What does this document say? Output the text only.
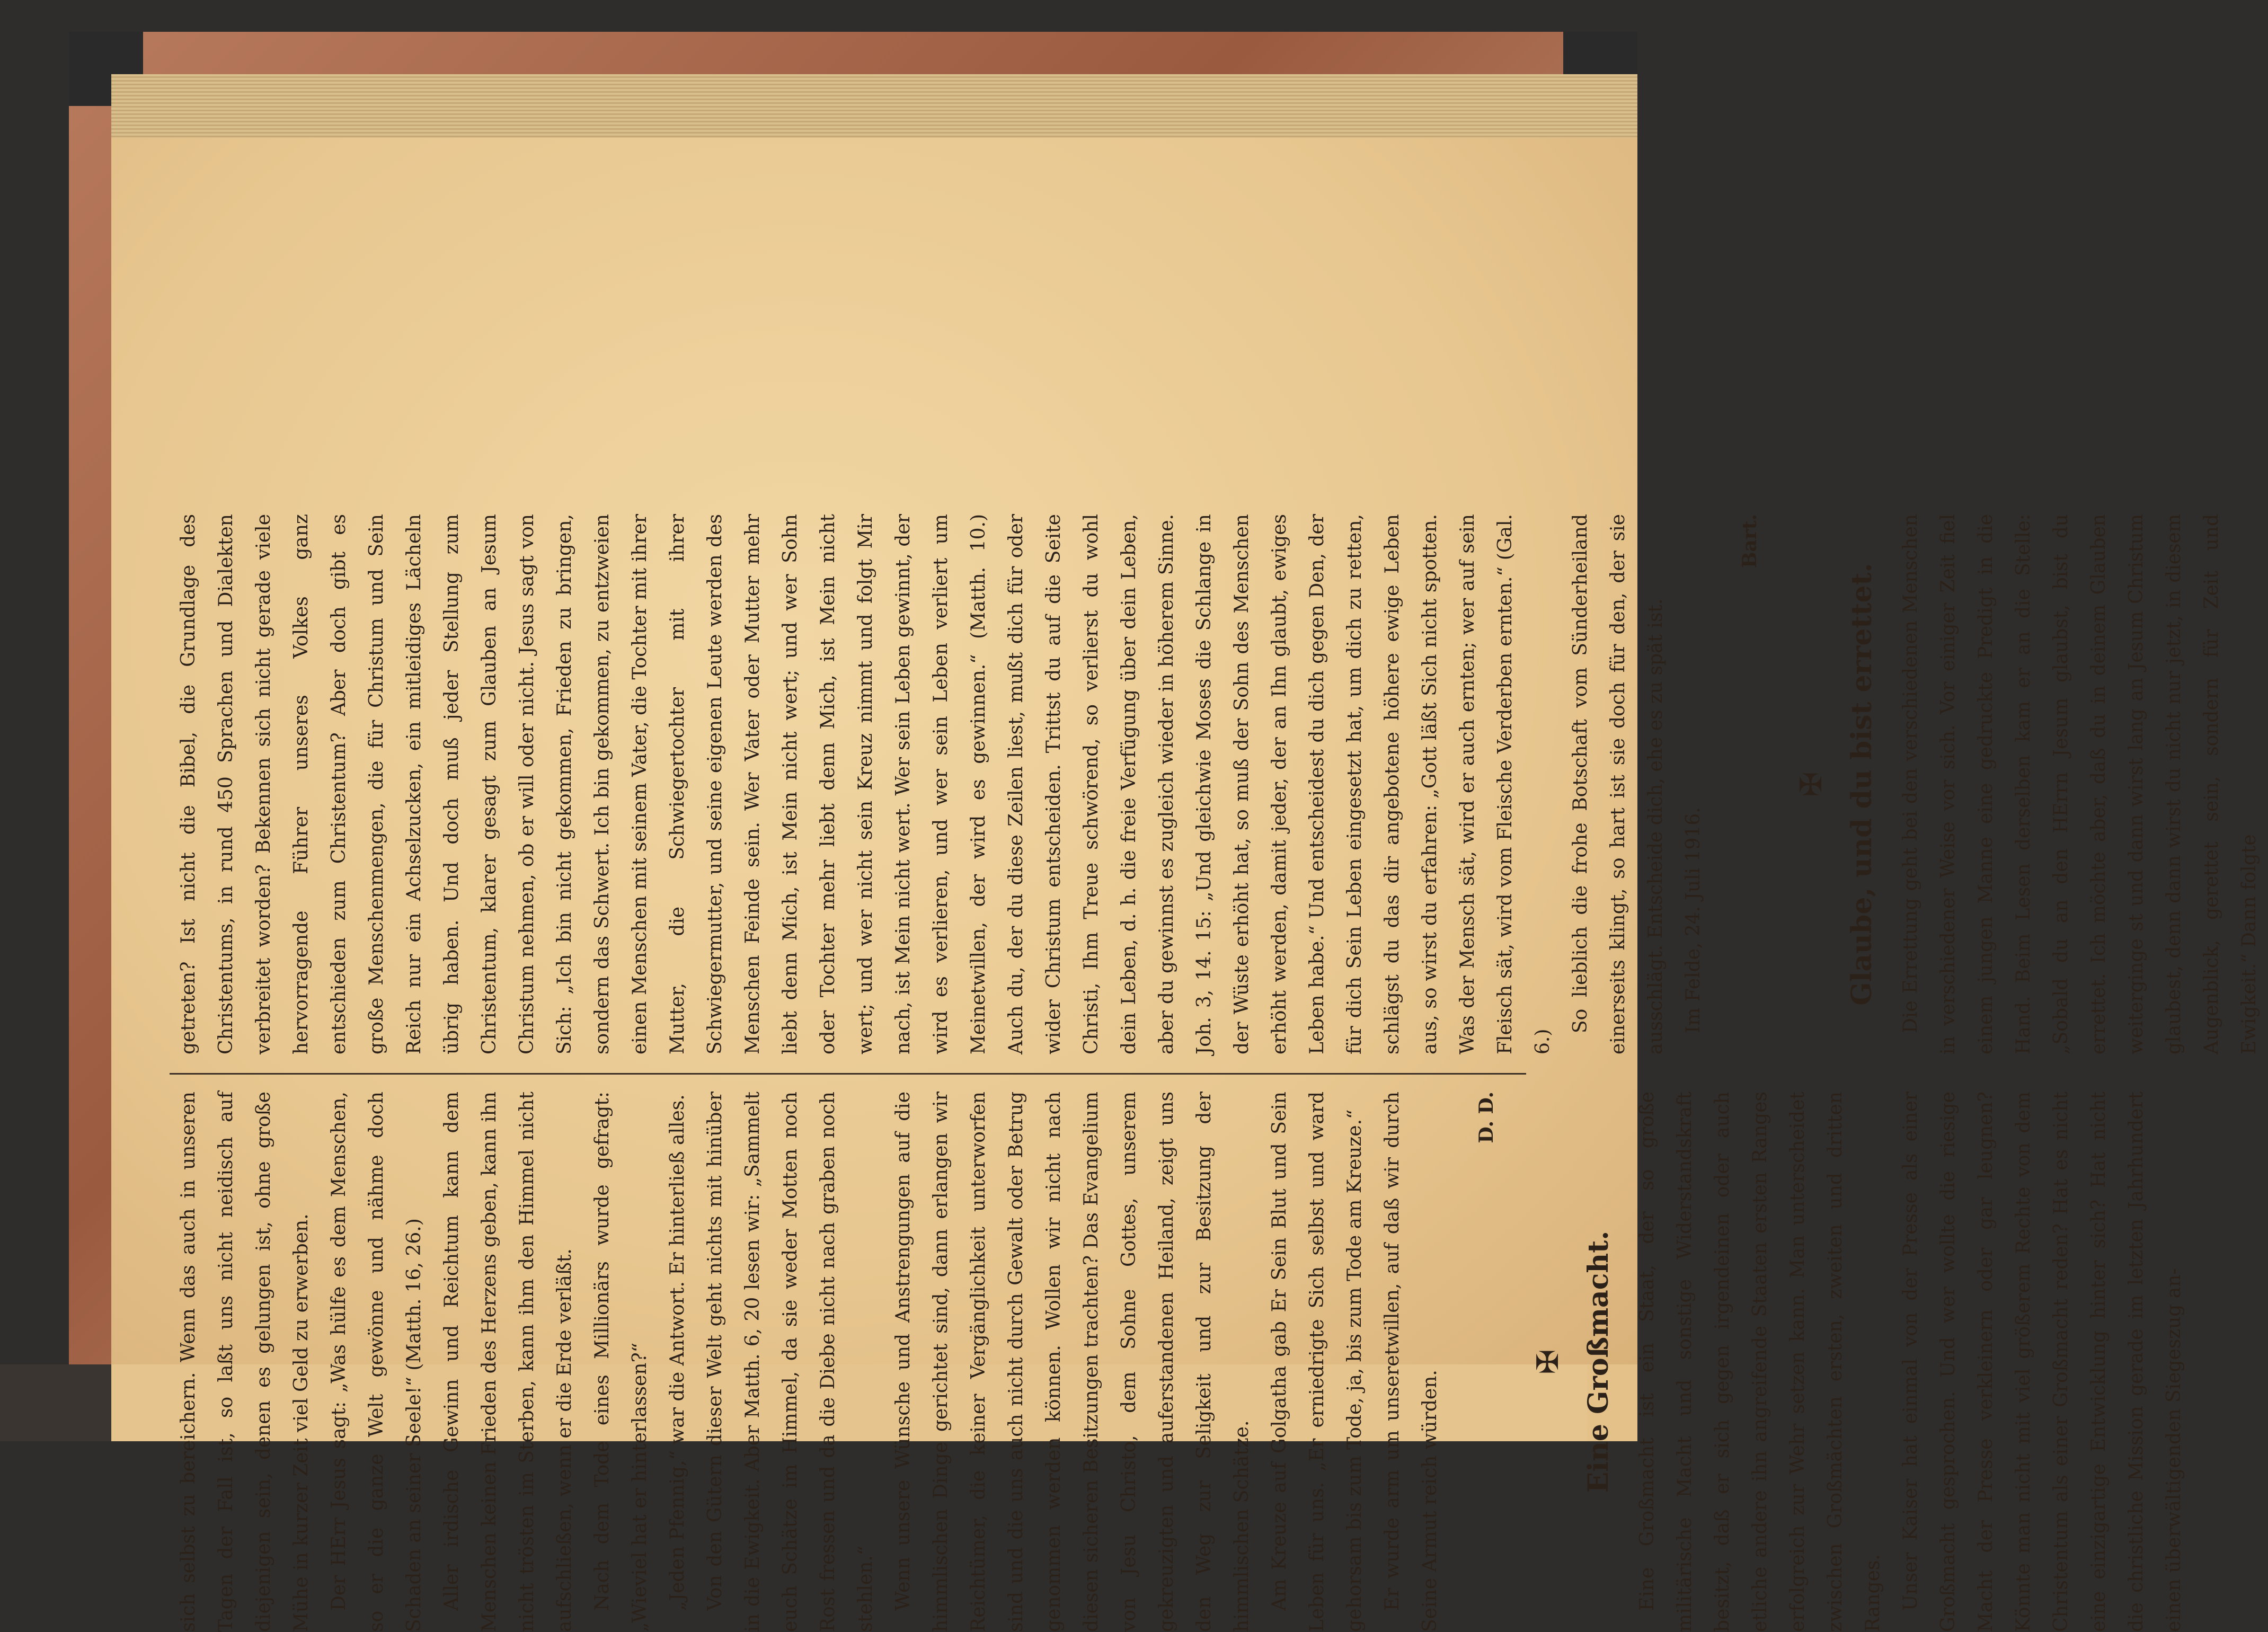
sich selbst zu bereichern. Wenn das auch in unseren Tagen der Fall ist, so laßt uns nicht neidisch auf diejenigen sein, denen es gelungen ist, ohne große Mühe in kurzer Zeit viel Geld zu erwerben. Der HErr Jesus sagt: „Was hülfe es dem Menschen, so er die ganze Welt gewönne und nähme doch Schaden an seiner Seele!“ (Matth. 16, 26.) Aller irdische Gewinn und Reichtum kann dem Menschen keinen Frieden des Herzens geben, kann ihn nicht trösten im Sterben, kann ihm den Himmel nicht aufschließen, wenn er die Erde verläßt. Nach dem Tode eines Millionärs wurde gefragt: „Wieviel hat er hinterlassen?“ „Jeden Pfennig,“ war die Antwort. Er hinterließ alles. Von den Gütern dieser Welt geht nichts mit hinüber in die Ewigkeit. Aber Matth. 6, 20 lesen wir: „Sammelt euch Schätze im Himmel, da sie weder Motten noch Rost fressen und da die Diebe nicht nach graben noch stehlen.“ Wenn unsere Wünsche und Anstrengungen auf die himmlischen Dinge gerichtet sind, dann erlangen wir Reichtümer, die keiner Vergänglichkeit unterworfen sind und die uns auch nicht durch Gewalt oder Betrug genommen werden können. Wollen wir nicht nach diesen sicheren Besitzungen trachten? Das Evangelium von Jesu Christo, dem Sohne Gottes, unserem gekreuzigten und auferstandenen Heiland, zeigt uns den Weg zur Seligkeit und zur Besitzung der himmlischen Schätze. Am Kreuze auf Golgatha gab Er Sein Blut und Sein Leben für uns. „Er erniedrigte Sich selbst und ward gehorsam bis zum Tode, ja, bis zum Tode am Kreuze.“ Er wurde arm um unseretwillen, auf daß wir durch Seine Armut reich würden.

D. D.

✠ Eine Großmacht.	Eine Großmacht ist ein Staat, der so große militärische Macht und sonstige Widerstandskraft besitzt, daß er sich gegen irgendeinen oder auch etliche andere ihn angreifende Staaten ersten Ranges erfolgreich zur Wehr setzen kann. Man unterscheidet zwischen Großmächten ersten, zweiten und dritten Ranges. Unser Kaiser hat einmal von der Presse als einer Großmacht gesprochen. Und wer wollte die riesige Macht der Presse verkleinern oder gar leugnen? Könnte man nicht mit viel größerem Rechte von dem Christentum als einer Großmacht reden? Hat es nicht eine einzigartige Entwicklung hinter sich? Hat nicht die christliche Mission gerade im letzten Jahrhundert einen überwältigenden Siegeszug an-

getreten? Ist nicht die Bibel, die Grundlage des Christentums, in rund 450 Sprachen und Dialekten verbreitet worden? Bekennen sich nicht gerade viele hervorragende Führer unseres Volkes ganz entschieden zum Christentum? Aber doch gibt es große Menschenmengen, die für Christum und Sein Reich nur ein Achselzucken, ein mitleidiges Lächeln übrig haben. Und doch muß jeder Stellung zum Christentum, klarer gesagt zum Glauben an Jesum Christum nehmen, ob er will oder nicht. Jesus sagt von Sich: „Ich bin nicht gekommen, Frieden zu bringen, sondern das Schwert. Ich bin gekommen, zu entzweien einen Menschen mit seinem Vater, die Tochter mit ihrer Mutter, die Schwiegertochter mit ihrer Schwiegermutter, und seine eigenen Leute werden des Menschen Feinde sein. Wer Vater oder Mutter mehr liebt denn Mich, ist Mein nicht wert; und wer Sohn oder Tochter mehr liebt denn Mich, ist Mein nicht wert; und wer nicht sein Kreuz nimmt und folgt Mir nach, ist Mein nicht wert. Wer sein Leben gewinnt, der wird es verlieren, und wer sein Leben verliert um Meinetwillen, der wird es gewinnen.“ (Matth. 10.) Auch du, der du diese Zeilen liest, mußt dich für oder wider Christum entscheiden. Trittst du auf die Seite Christi, Ihm Treue schwörend, so verlierst du wohl dein Leben, d. h. die freie Verfügung über dein Leben, aber du gewinnst es zugleich wieder in höherem Sinne. Joh. 3, 14. 15: „Und gleichwie Moses die Schlange in der Wüste erhöht hat, so muß der Sohn des Menschen erhöht werden, damit jeder, der an Ihn glaubt, ewiges Leben habe.“ Und entscheidest du dich gegen Den, der für dich Sein Leben eingesetzt hat, um dich zu retten, schlägst du das dir angebotene höhere ewige Leben aus, so wirst du erfahren: „Gott läßt Sich nicht spotten. Was der Mensch sät, wird er auch ernten; wer auf sein Fleisch sät, wird vom Fleische Verderben ernten.“ (Gal. 6.)

So lieblich die frohe Botschaft vom Sünderheiland einerseits klingt, so hart ist sie doch für den, der sie ausschlägt. Entscheide dich, ehe es zu spät ist. Im Felde, 24. Juli 1916.

Bart.

✠ Glaube, und du bist errettet.	Die Errettung geht bei den verschiedenen Menschen in verschiedener Weise vor sich. Vor einiger Zeit fiel einem jungen Manne eine gedruckte Predigt in die Hand. Beim Lesen derselben kam er an die Stelle: „Sobald du an den HErrn Jesum glaubst, bist du errettet. Ich möchte aber, daß du in deinem Glauben weiterginge st und dann wirst lang an Jesum Christum glaubest, denn dann wirst du nicht nur jetzt, in diesem Augenblick, gerettet sein, sondern für Zeit und Ewigkeit.“ Dann folgte
